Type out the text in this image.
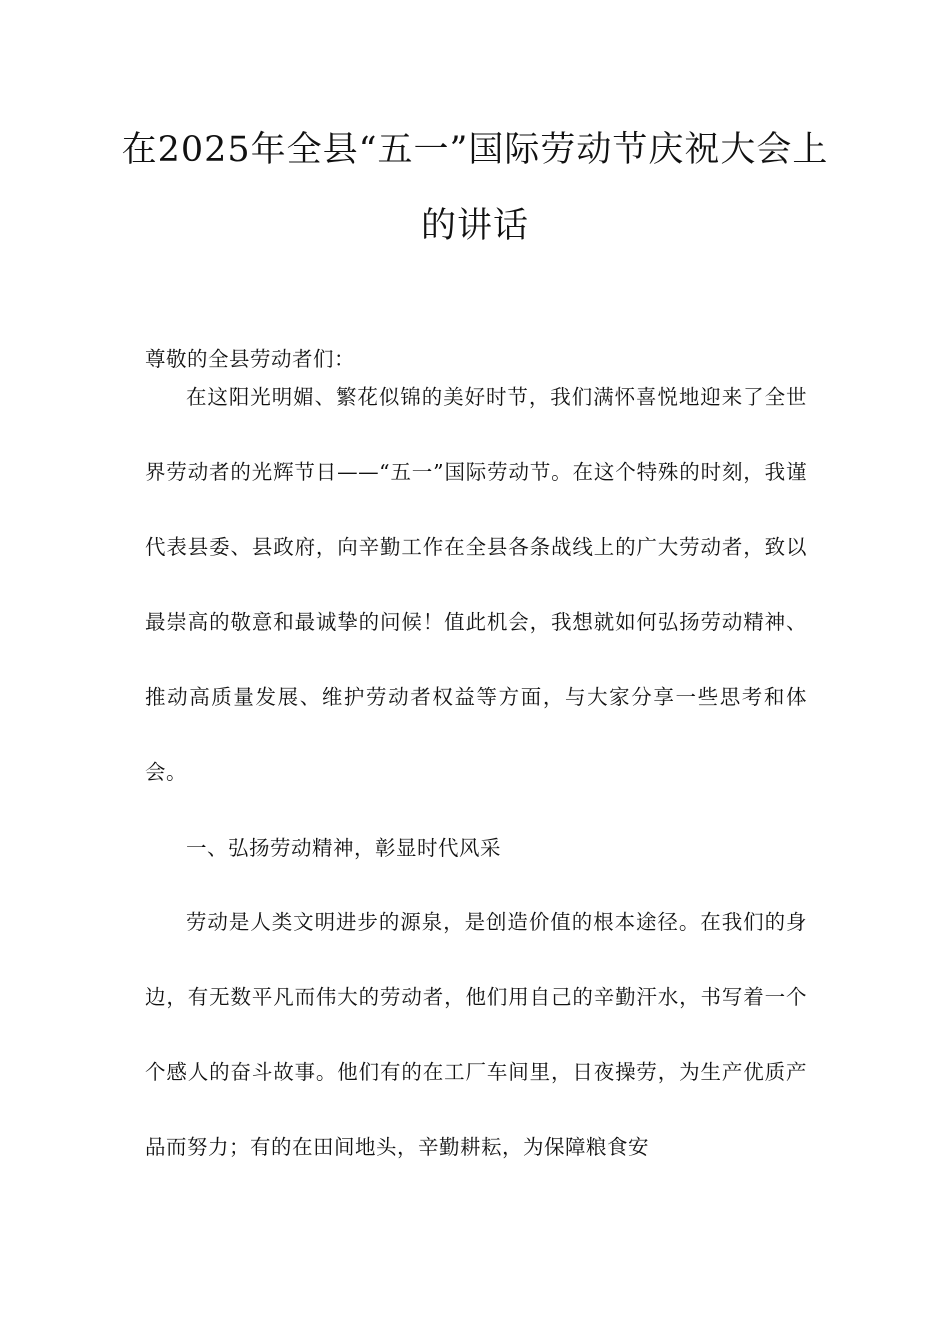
在2025年全县“五一”国际劳动节庆祝大会上的讲话

尊敬的全县劳动者们：

在这阳光明媚、繁花似锦的美好时节，我们满怀喜悦地迎来了全世界劳动者的光辉节日——“五一”国际劳动节。在这个特殊的时刻，我谨代表县委、县政府，向辛勤工作在全县各条战线上的广大劳动者，致以最崇高的敬意和最诚挚的问候！值此机会，我想就如何弘扬劳动精神、推动高质量发展、维护劳动者权益等方面，与大家分享一些思考和体会。

一、弘扬劳动精神，彰显时代风采

劳动是人类文明进步的源泉，是创造价值的根本途径。在我们的身边，有无数平凡而伟大的劳动者，他们用自己的辛勤汗水，书写着一个个感人的奋斗故事。他们有的在工厂车间里，日夜操劳，为生产优质产品而努力；有的在田间地头，辛勤耕耘，为保障粮食安
